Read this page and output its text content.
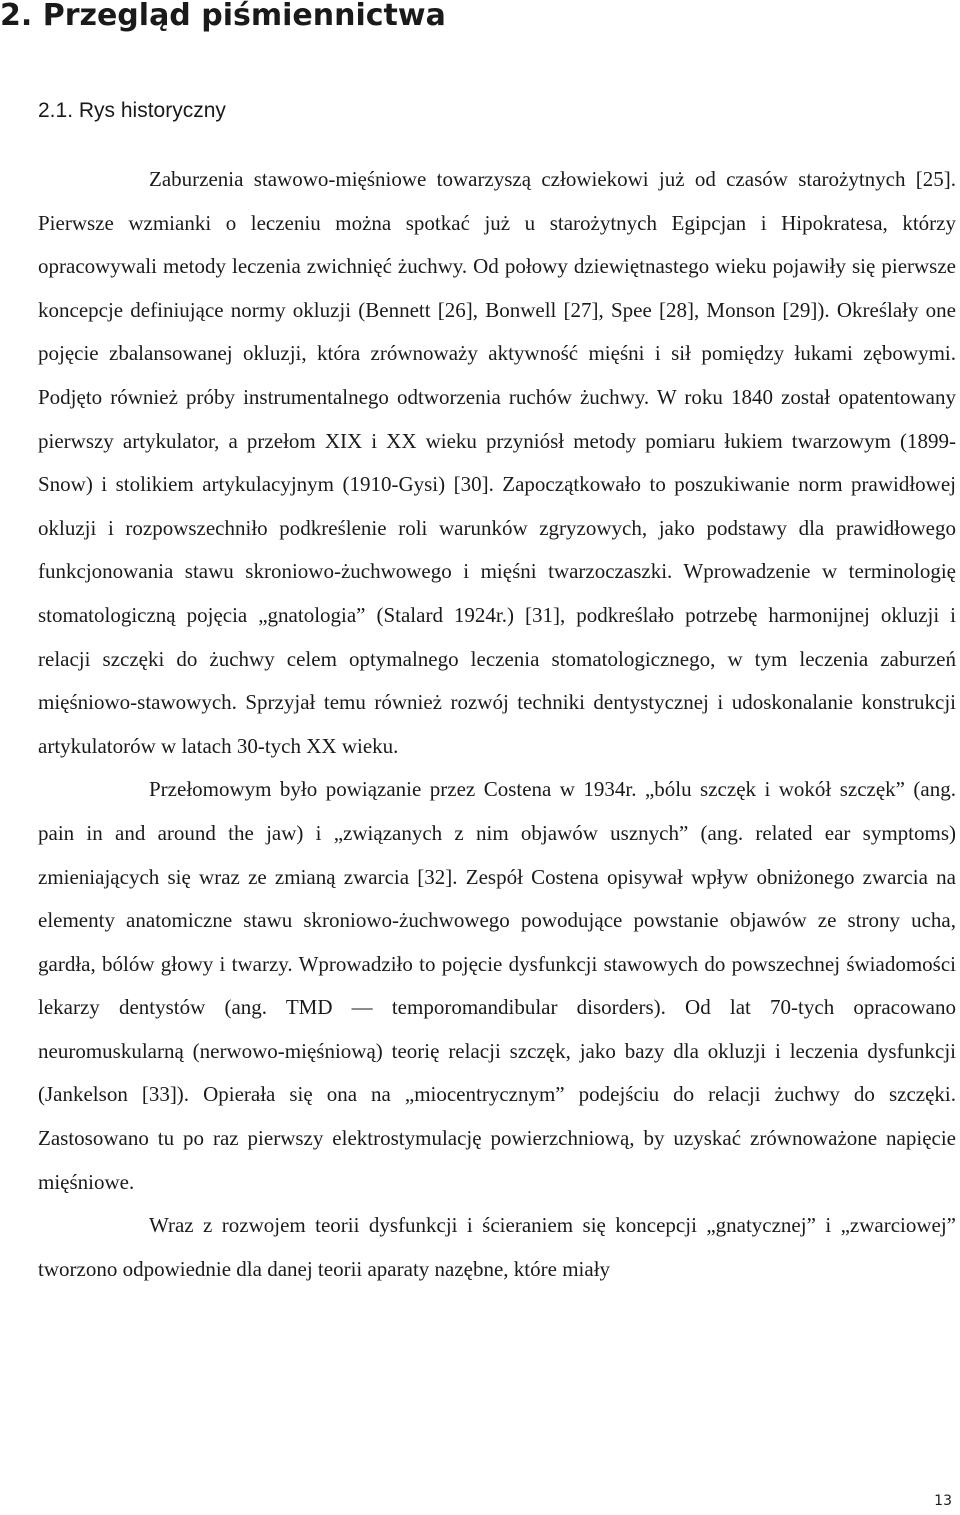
2. Przegląd piśmiennictwa
2.1. Rys historyczny

Zaburzenia stawowo-mięśniowe towarzyszą człowiekowi już od czasów starożytnych [25]. Pierwsze wzmianki o leczeniu można spotkać już u starożytnych Egipcjan i Hipokratesa, którzy opracowywali metody leczenia zwichnięć żuchwy. Od połowy dziewiętnastego wieku pojawiły się pierwsze koncepcje definiujące normy okluzji (Bennett [26], Bonwell [27], Spee [28], Monson [29]). Określały one pojęcie zbalansowanej okluzji, która zrównoważy aktywność mięśni i sił pomiędzy łukami zębowymi. Podjęto również próby instrumentalnego odtworzenia ruchów żuchwy. W roku 1840 został opatentowany pierwszy artykulator, a przełom XIX i XX wieku przyniósł metody pomiaru łukiem twarzowym (1899-Snow) i stolikiem artykulacyjnym (1910-Gysi) [30]. Zapoczątkowało to poszukiwanie norm prawidłowej okluzji i rozpowszechniło podkreślenie roli warunków zgryzowych, jako podstawy dla prawidłowego funkcjonowania stawu skroniowo-żuchwowego i mięśni twarzoczaszki. Wprowadzenie w terminologię stomatologiczną pojęcia „gnatologia” (Stalard 1924r.) [31], podkreślało potrzebę harmonijnej okluzji i relacji szczęki do żuchwy celem optymalnego leczenia stomatologicznego, w tym leczenia zaburzeń mięśniowo-stawowych. Sprzyjał temu również rozwój techniki dentystycznej i udoskonalanie konstrukcji artykulatorów w latach 30-tych XX wieku.

Przełomowym było powiązanie przez Costena w 1934r. „bólu szczęk i wokół szczęk” (ang. pain in and around the jaw) i „związanych z nim objawów usznych” (ang. related ear symptoms) zmieniających się wraz ze zmianą zwarcia [32]. Zespół Costena opisywał wpływ obniżonego zwarcia na elementy anatomiczne stawu skroniowo-żuchwowego powodujące powstanie objawów ze strony ucha, gardła, bólów głowy i twarzy. Wprowadziło to pojęcie dysfunkcji stawowych do powszechnej świadomości lekarzy dentystów (ang. TMD — temporomandibular disorders). Od lat 70-tych opracowano neuromuskularną (nerwowo-mięśniową) teorię relacji szczęk, jako bazy dla okluzji i leczenia dysfunkcji (Jankelson [33]). Opierała się ona na „miocentrycznym” podejściu do relacji żuchwy do szczęki. Zastosowano tu po raz pierwszy elektrostymulację powierzchniową, by uzyskać zrównoważone napięcie mięśniowe.

Wraz z rozwojem teorii dysfunkcji i ścieraniem się koncepcji „gnatycznej” i „zwarciowej” tworzono odpowiednie dla danej teorii aparaty nazębne, które miały

13
